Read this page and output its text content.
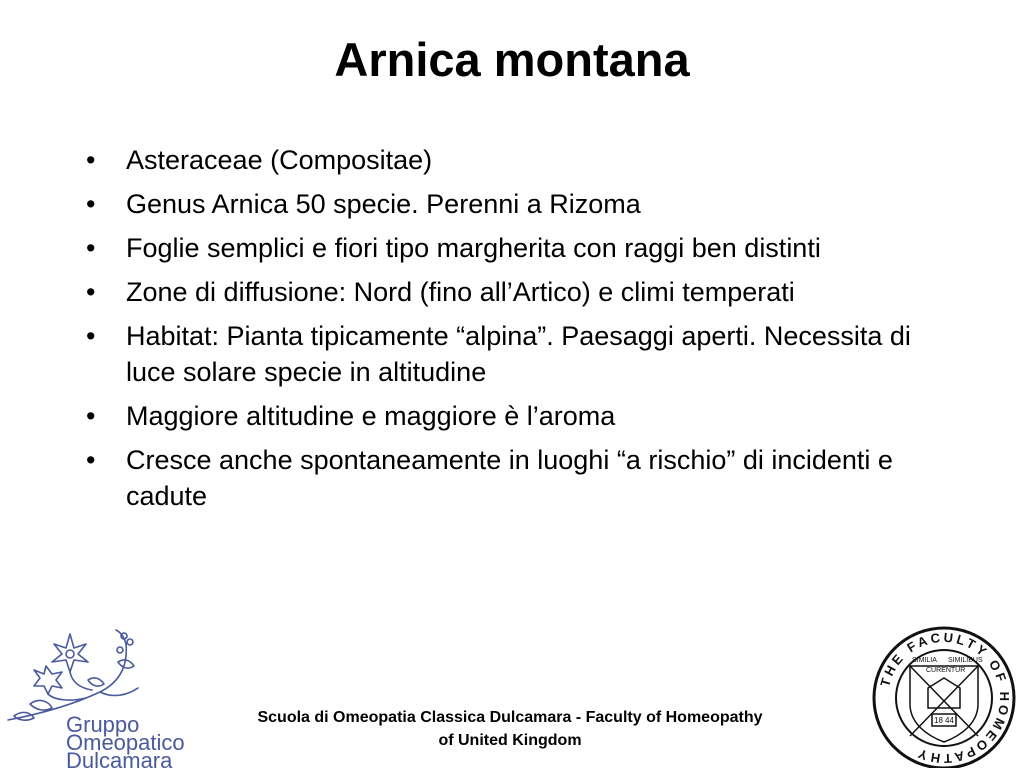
Arnica montana
• Asteraceae (Compositae)
• Genus Arnica 50 specie. Perenni a Rizoma
• Foglie semplici e fiori tipo margherita con raggi ben distinti
• Zone di diffusione: Nord (fino all’Artico) e climi temperati
• Habitat: Pianta tipicamente “alpina”. Paesaggi aperti. Necessita di luce solare specie in altitudine
• Maggiore altitudine e maggiore è l’aroma
• Cresce anche spontaneamente in luoghi “a rischio” di incidenti e cadute
Gruppo
Omeopatico
Dulcamara
Scuola di Omeopatia Classica Dulcamara - Faculty of Homeopathy
of United Kingdom
THE FACULTY OF HOMEOPATHY
SIMILIA SIMILIBUS
CURENTUR
18 44
